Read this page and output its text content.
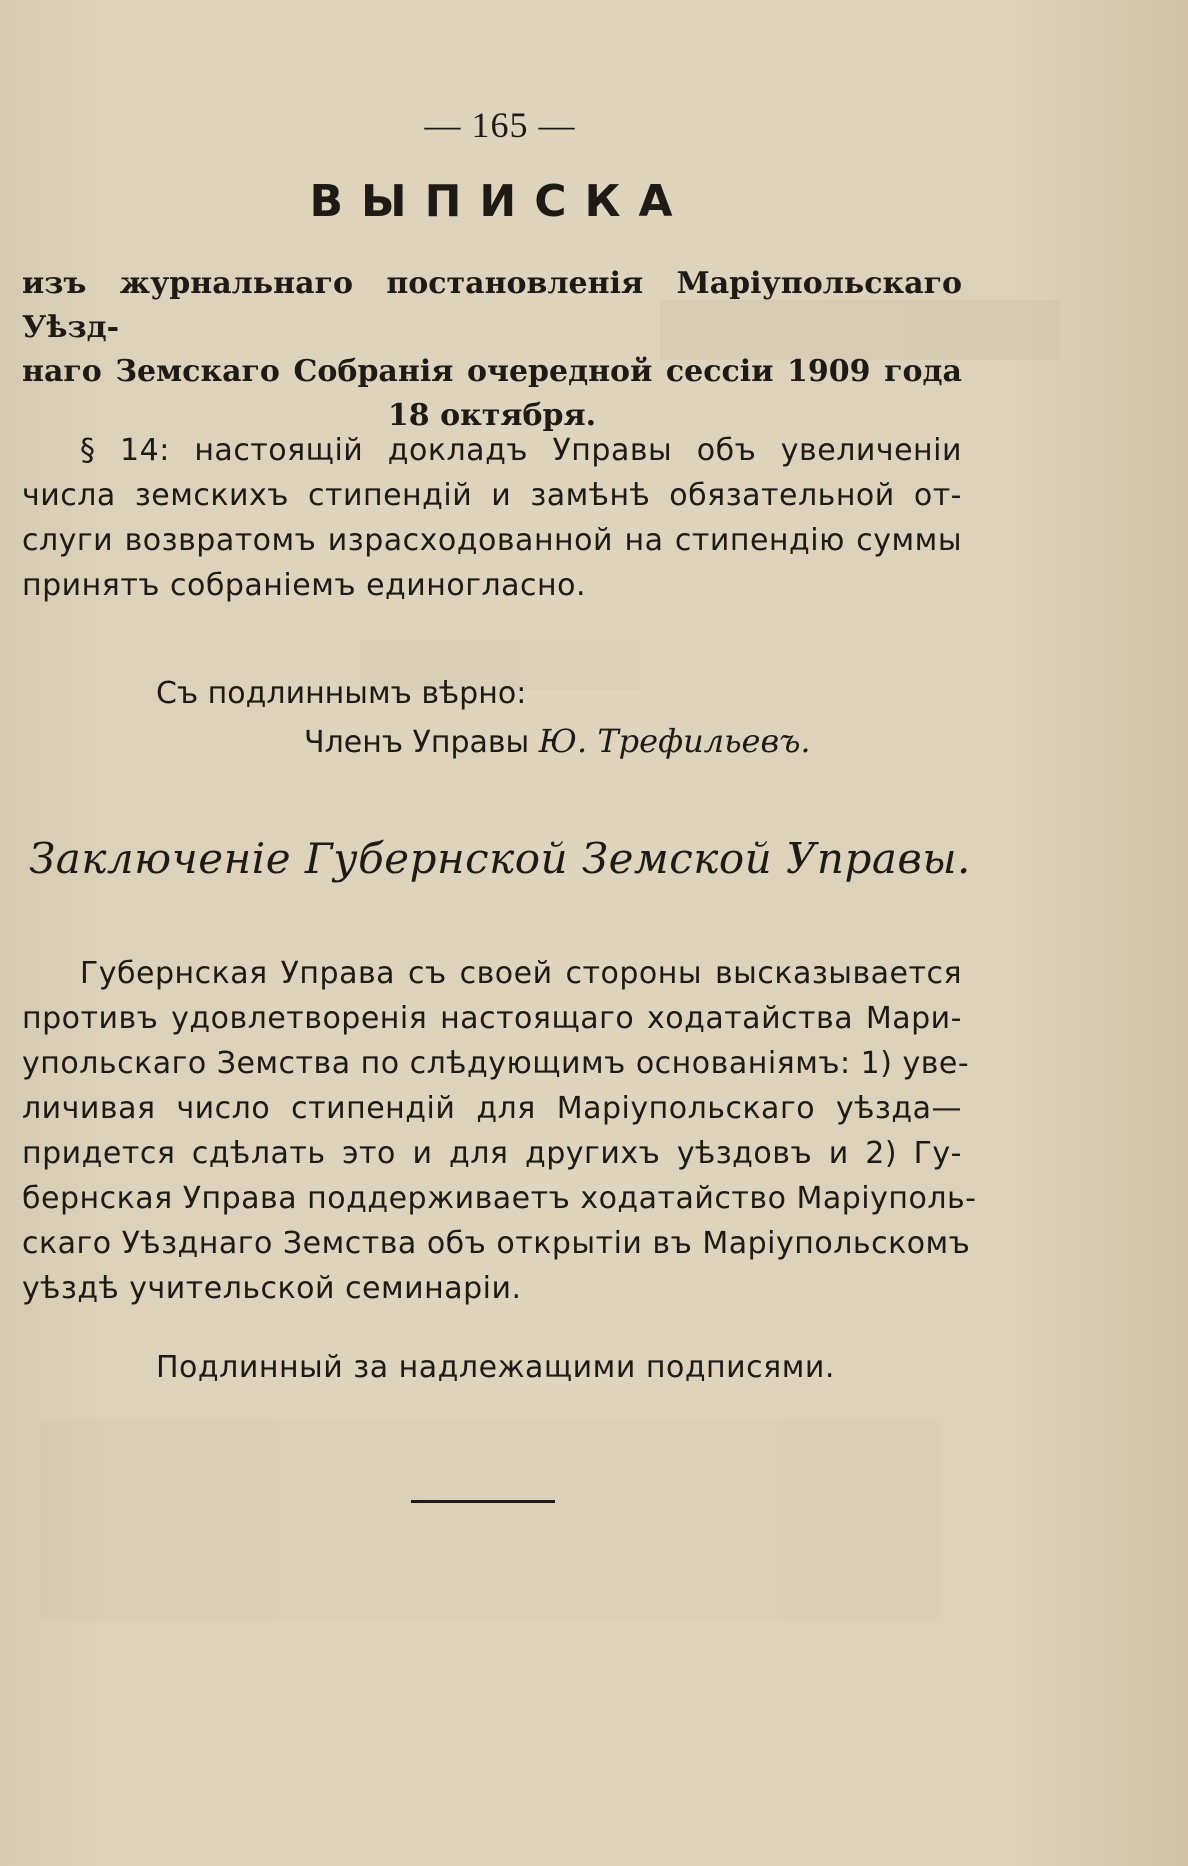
— 165 —
ВЫПИСКА
изъ журнальнаго постановленія Маріупольскаго Уѣзд-
наго Земскаго Собранія очередной сессіи 1909 года
18 октября.
§ 14: настоящій докладъ Управы объ увеличеніи
числа земскихъ стипендій и замѣнѣ обязательной от-
слуги возвратомъ израсходованной на стипендію суммы
принятъ собраніемъ единогласно.
Съ подлиннымъ вѣрно:
Членъ Управы Ю. Трефильевъ.
Заключеніе Губернской Земской Управы.
Губернская Управа съ своей стороны высказывается
противъ удовлетворенія настоящаго ходатайства Мари-
упольскаго Земства по слѣдующимъ основаніямъ: 1) уве-
личивая число стипендій для Маріупольскаго уѣзда—
придется сдѣлать это и для другихъ уѣздовъ и 2) Гу-
бернская Управа поддерживаетъ ходатайство Маріуполь-
скаго Уѣзднаго Земства объ открытіи въ Маріупольскомъ
уѣздѣ учительской семинаріи.
Подлинный за надлежащими подписями.
